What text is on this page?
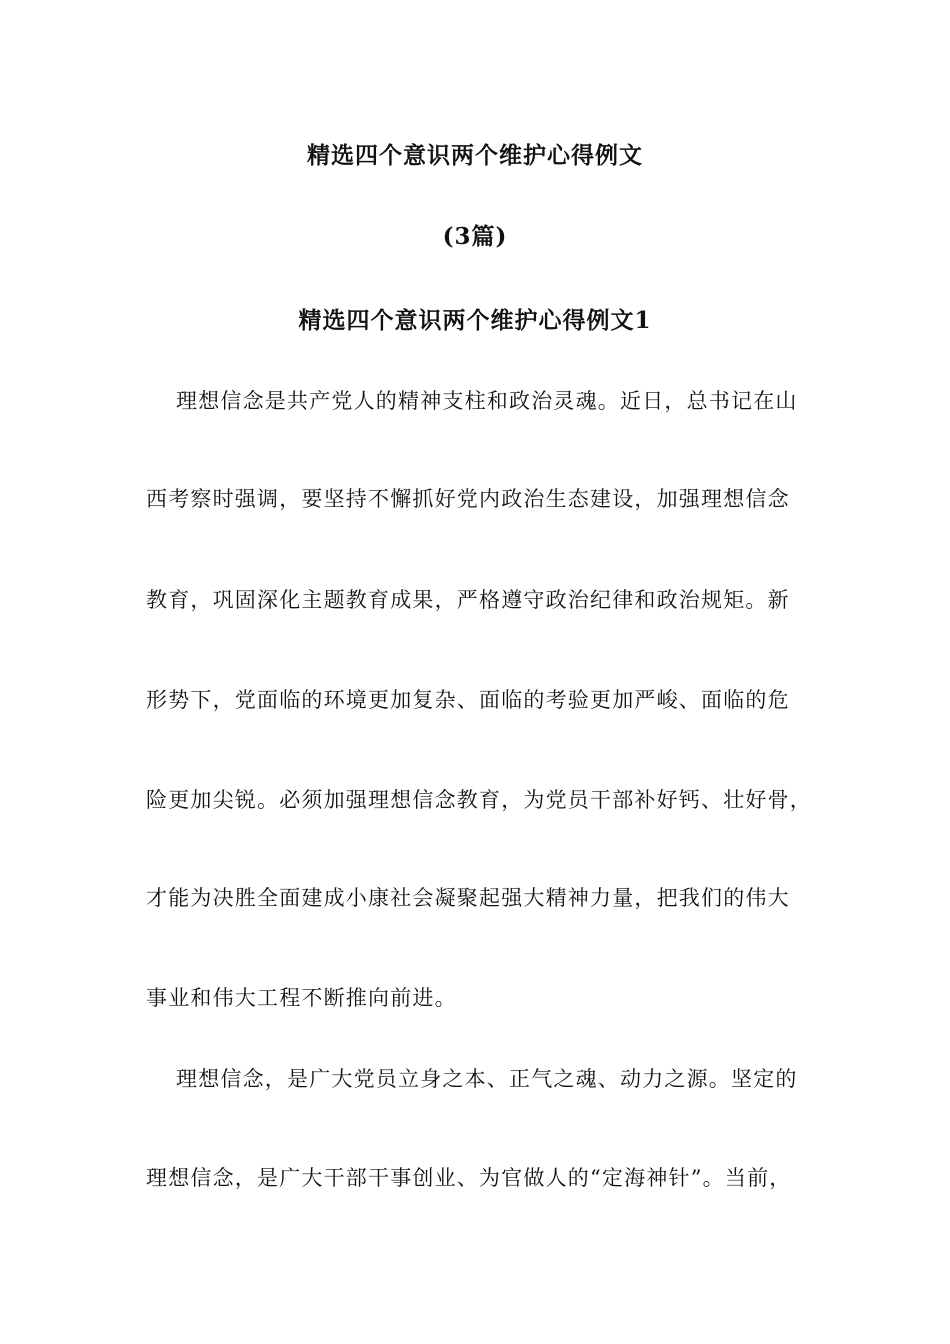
精选四个意识两个维护心得例文
(3篇)
精选四个意识两个维护心得例文1
理想信念是共产党人的精神支柱和政治灵魂。近日，总书记在山
西考察时强调，要坚持不懈抓好党内政治生态建设，加强理想信念
教育，巩固深化主题教育成果，严格遵守政治纪律和政治规矩。新
形势下，党面临的环境更加复杂、面临的考验更加严峻、面临的危
险更加尖锐。必须加强理想信念教育，为党员干部补好钙、壮好骨，
才能为决胜全面建成小康社会凝聚起强大精神力量，把我们的伟大
事业和伟大工程不断推向前进。
理想信念，是广大党员立身之本、正气之魂、动力之源。坚定的
理想信念，是广大干部干事创业、为官做人的“定海神针”。当前，
